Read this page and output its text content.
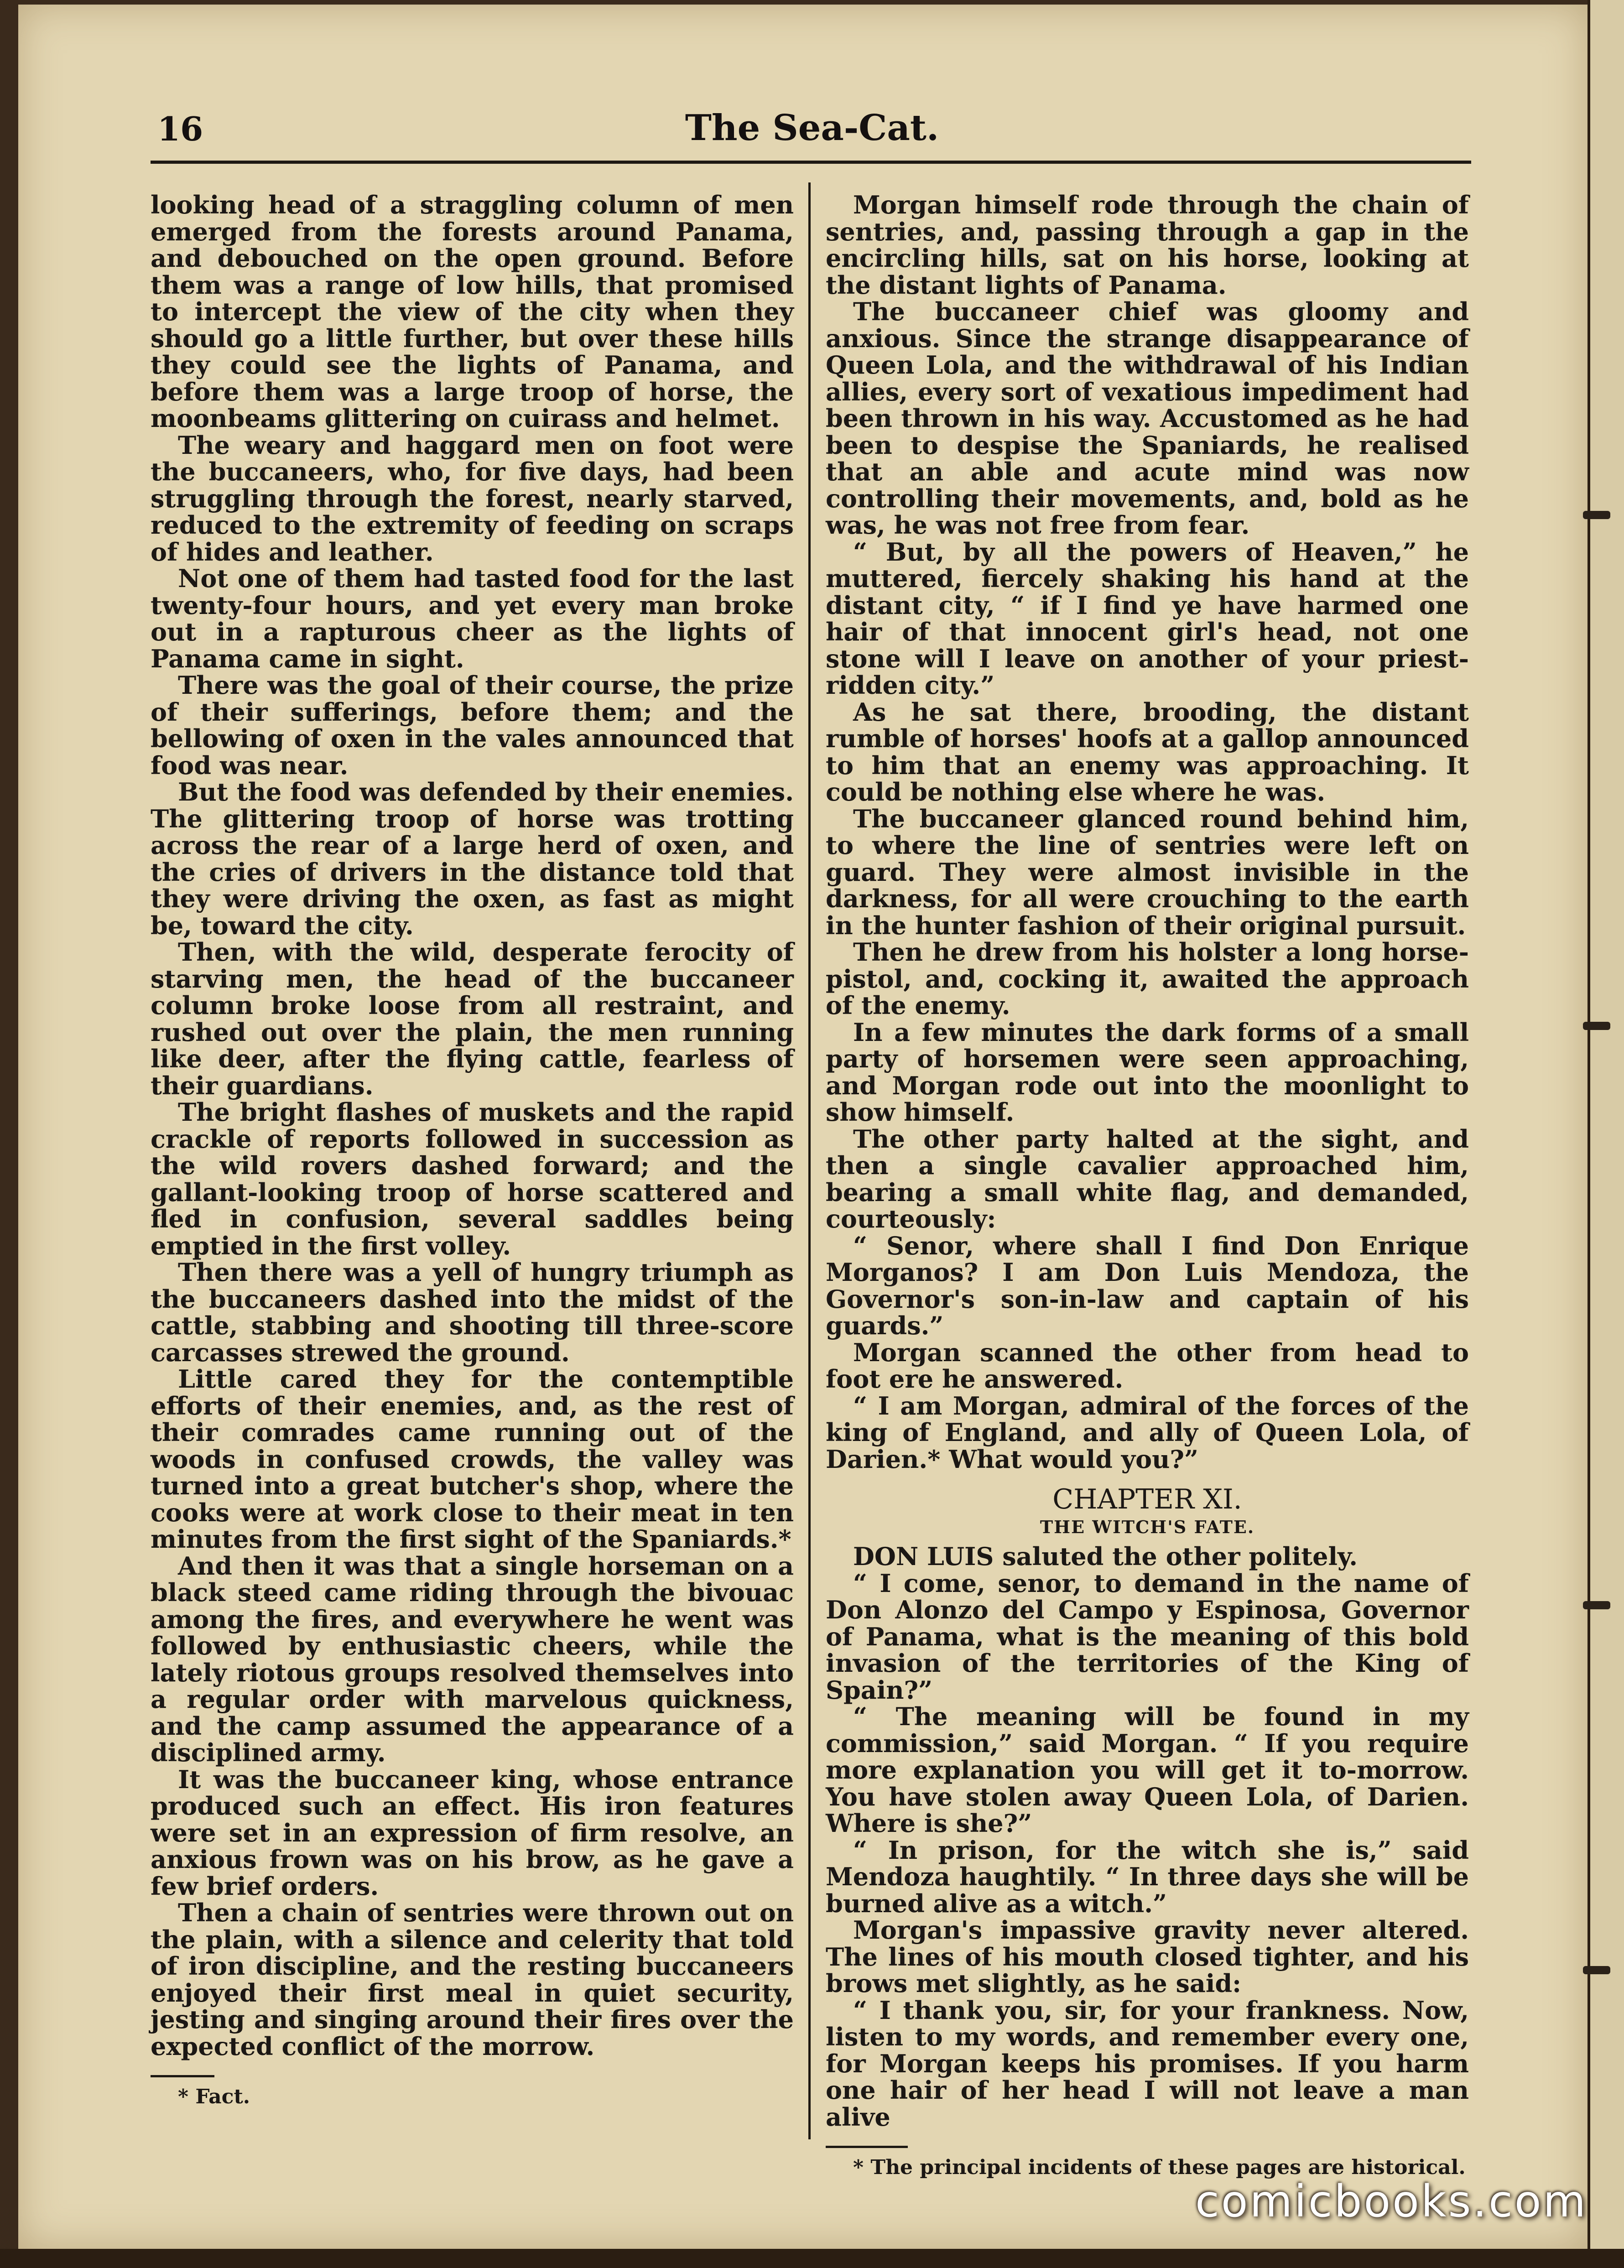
16	The Sea-Cat.

looking head of a straggling column of men emerged from the forests around Panama, and debouched on the open ground. Before them was a range of low hills, that promised to intercept the view of the city when they should go a little further, but over these hills they could see the lights of Panama, and before them was a large troop of horse, the moonbeams glittering on cuirass and helmet.

The weary and haggard men on foot were the buccaneers, who, for five days, had been struggling through the forest, nearly starved, reduced to the extremity of feeding on scraps of hides and leather.

Not one of them had tasted food for the last twenty-four hours, and yet every man broke out in a rapturous cheer as the lights of Panama came in sight.

There was the goal of their course, the prize of their sufferings, before them; and the bellowing of oxen in the vales announced that food was near.

But the food was defended by their enemies. The glittering troop of horse was trotting across the rear of a large herd of oxen, and the cries of drivers in the distance told that they were driving the oxen, as fast as might be, toward the city.

Then, with the wild, desperate ferocity of starving men, the head of the buccaneer column broke loose from all restraint, and rushed out over the plain, the men running like deer, after the flying cattle, fearless of their guardians.

The bright flashes of muskets and the rapid crackle of reports followed in succession as the wild rovers dashed forward; and the gallant-looking troop of horse scattered and fled in confusion, several saddles being emptied in the first volley.

Then there was a yell of hungry triumph as the buccaneers dashed into the midst of the cattle, stabbing and shooting till three-score carcasses strewed the ground.

Little cared they for the contemptible efforts of their enemies, and, as the rest of their comrades came running out of the woods in confused crowds, the valley was turned into a great butcher's shop, where the cooks were at work close to their meat in ten minutes from the first sight of the Spaniards.*

And then it was that a single horseman on a black steed came riding through the bivouac among the fires, and everywhere he went was followed by enthusiastic cheers, while the lately riotous groups resolved themselves into a regular order with marvelous quickness, and the camp assumed the appearance of a disciplined army.

It was the buccaneer king, whose entrance produced such an effect. His iron features were set in an expression of firm resolve, an anxious frown was on his brow, as he gave a few brief orders.

Then a chain of sentries were thrown out on the plain, with a silence and celerity that told of iron discipline, and the resting buccaneers enjoyed their first meal in quiet security, jesting and singing around their fires over the expected conflict of the morrow.

* Fact.

Morgan himself rode through the chain of sentries, and, passing through a gap in the encircling hills, sat on his horse, looking at the distant lights of Panama.

The buccaneer chief was gloomy and anxious. Since the strange disappearance of Queen Lola, and the withdrawal of his Indian allies, every sort of vexatious impediment had been thrown in his way. Accustomed as he had been to despise the Spaniards, he realised that an able and acute mind was now controlling their movements, and, bold as he was, he was not free from fear.

“ But, by all the powers of Heaven,” he muttered, fiercely shaking his hand at the distant city, “ if I find ye have harmed one hair of that innocent girl's head, not one stone will I leave on another of your priest-ridden city.”

As he sat there, brooding, the distant rumble of horses' hoofs at a gallop announced to him that an enemy was approaching. It could be nothing else where he was.

The buccaneer glanced round behind him, to where the line of sentries were left on guard. They were almost invisible in the darkness, for all were crouching to the earth in the hunter fashion of their original pursuit.

Then he drew from his holster a long horse-pistol, and, cocking it, awaited the approach of the enemy.

In a few minutes the dark forms of a small party of horsemen were seen approaching, and Morgan rode out into the moonlight to show himself.

The other party halted at the sight, and then a single cavalier approached him, bearing a small white flag, and demanded, courteously:

“ Senor, where shall I find Don Enrique Morganos? I am Don Luis Mendoza, the Governor's son-in-law and captain of his guards.”

Morgan scanned the other from head to foot ere he answered.

“ I am Morgan, admiral of the forces of the king of England, and ally of Queen Lola, of Darien.* What would you?”

CHAPTER XI.
THE WITCH'S FATE.

DON LUIS saluted the other politely.

“ I come, senor, to demand in the name of Don Alonzo del Campo y Espinosa, Governor of Panama, what is the meaning of this bold invasion of the territories of the King of Spain?”

“ The meaning will be found in my commission,” said Morgan. “ If you require more explanation you will get it to-morrow. You have stolen away Queen Lola, of Darien. Where is she?”

“ In prison, for the witch she is,” said Mendoza haughtily. “ In three days she will be burned alive as a witch.”

Morgan's impassive gravity never altered. The lines of his mouth closed tighter, and his brows met slightly, as he said:

“ I thank you, sir, for your frankness. Now, listen to my words, and remember every one, for Morgan keeps his promises. If you harm one hair of her head I will not leave a man alive

* The principal incidents of these pages are historical.

comicbooks.com
